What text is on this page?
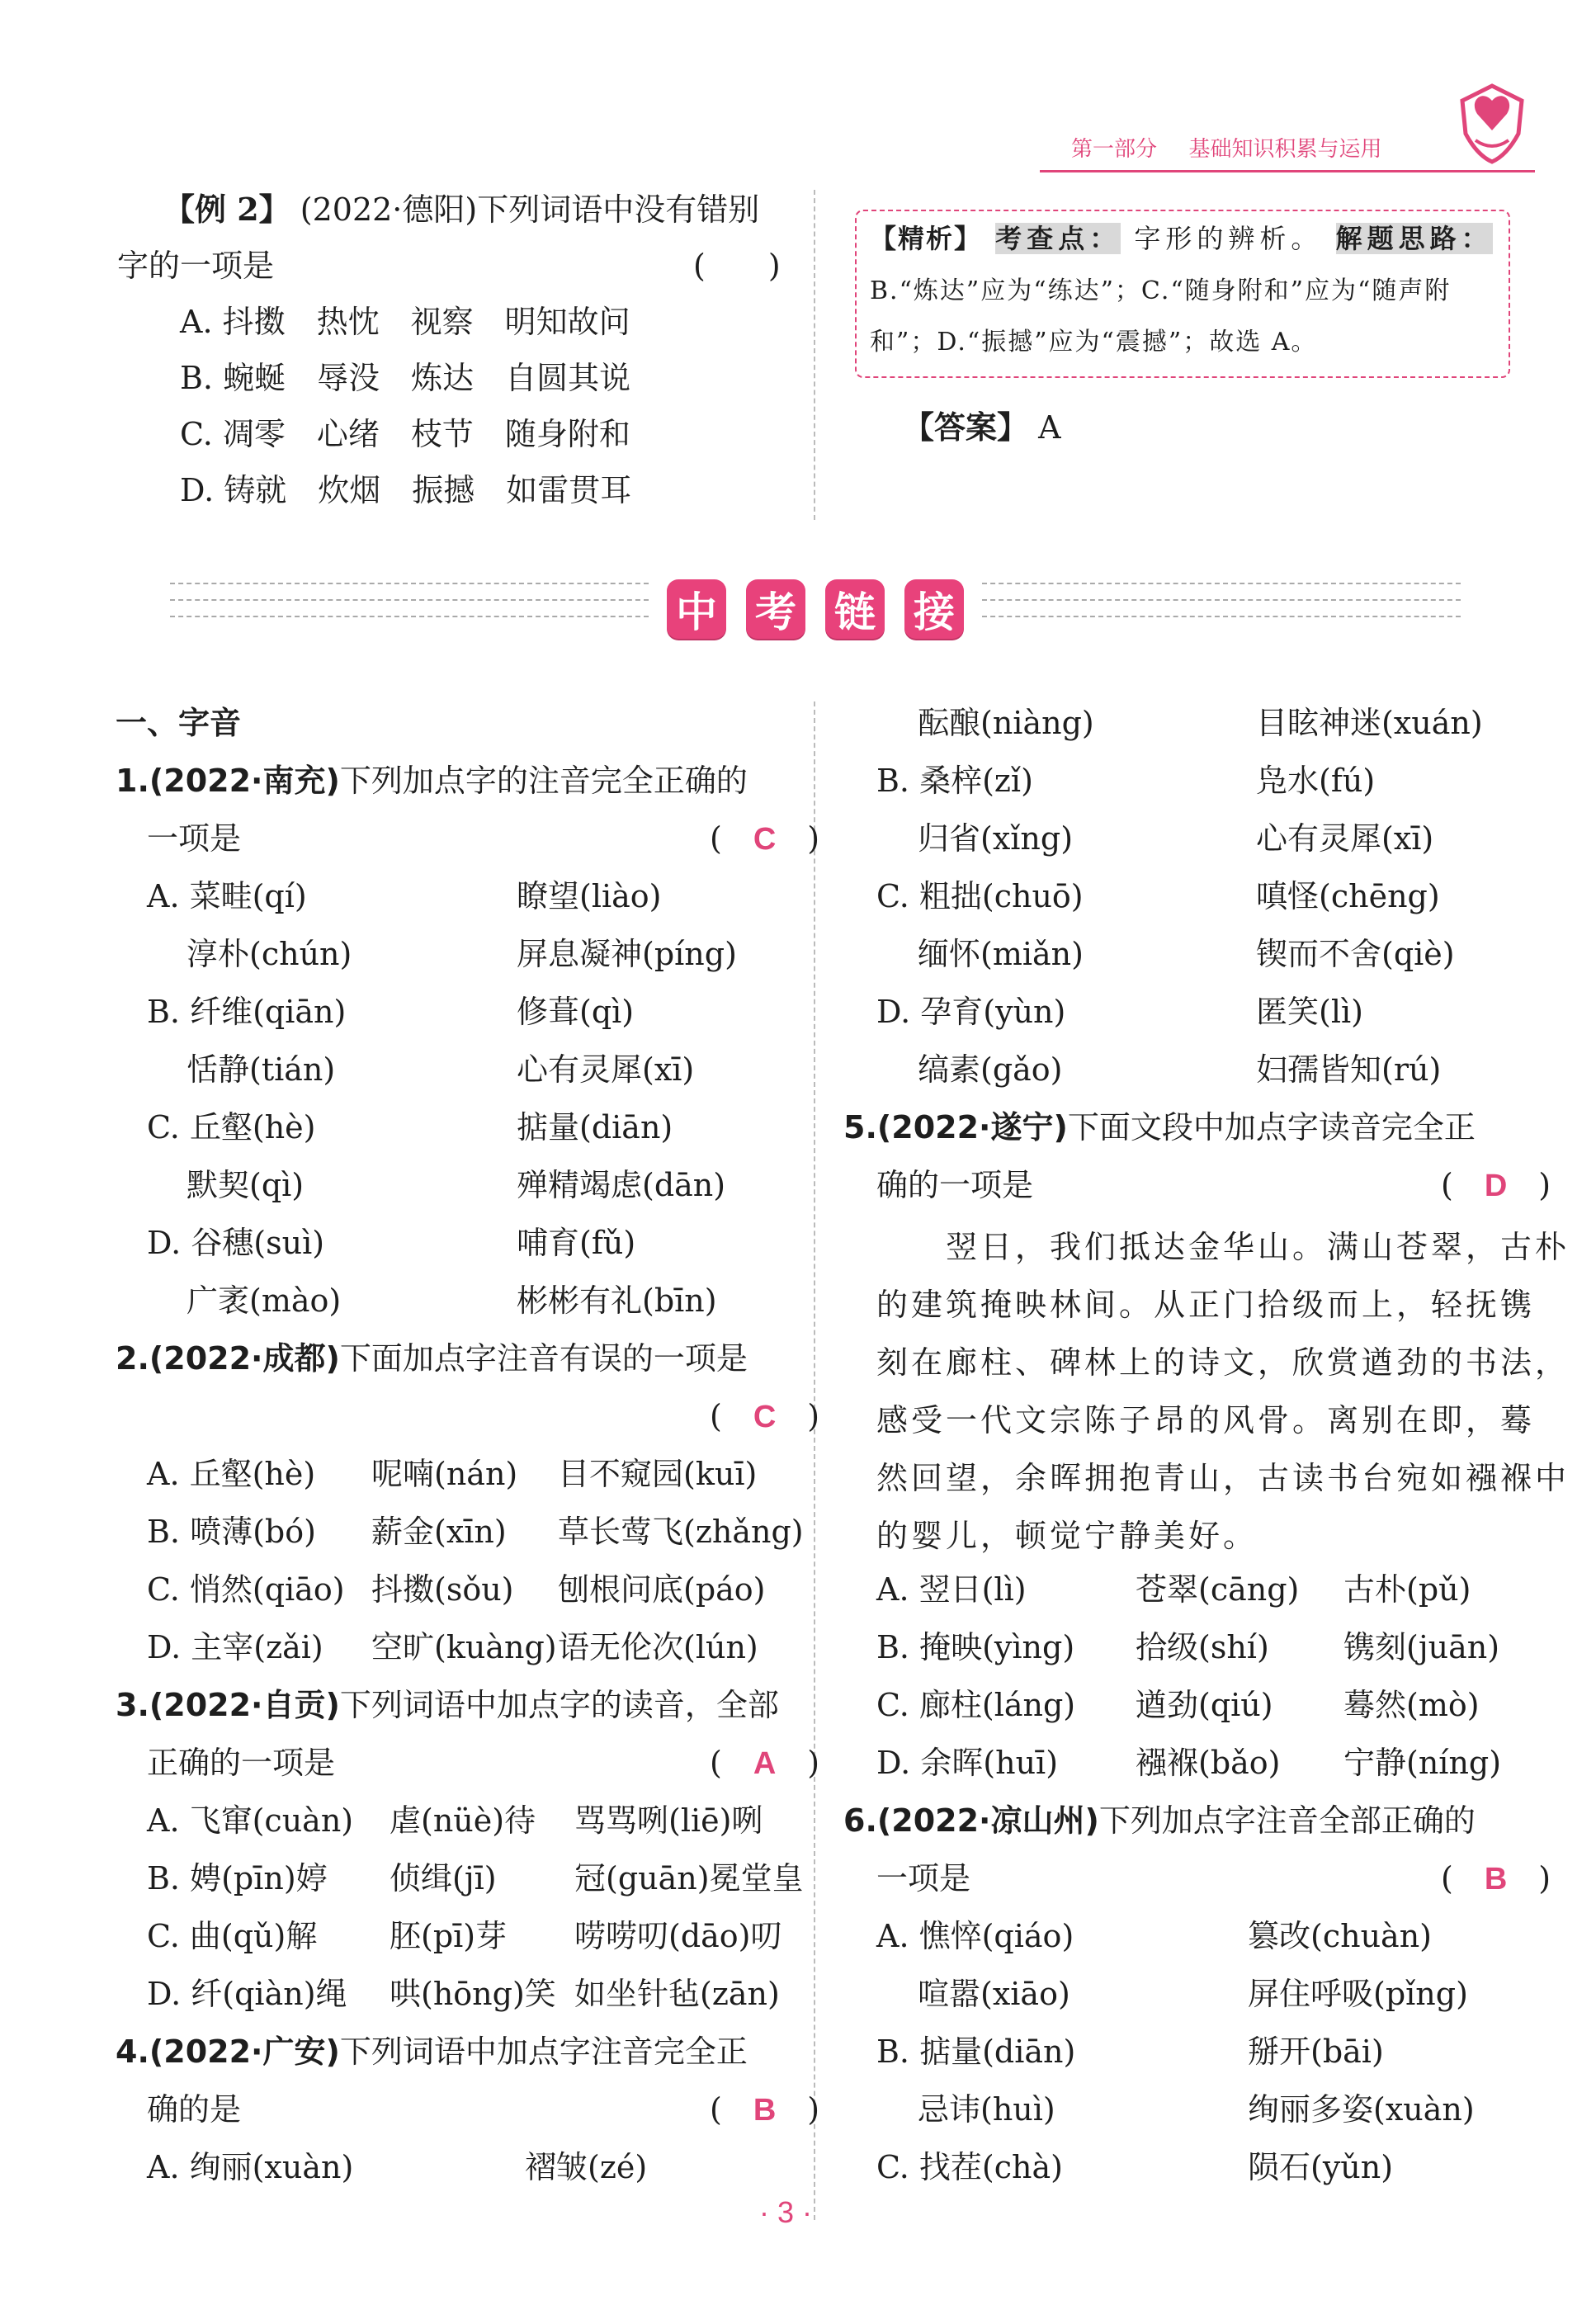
第一部分 基础知识积累与运用
【例 2】 (2022·德阳)下列词语中没有错别
字的一项是	(　　)
A. 抖擞　热忱　视察　明知故问
B. 蜿蜒　辱没　炼达　自圆其说
C. 凋零　心绪　枝节　随身附和
D. 铸就　炊烟　振撼　如雷贯耳
【精析】 考查点： 字形的辨析。 解题思路：
B.“炼达”应为“练达”；C.“随身附和”应为“随声附
和”；D.“振撼”应为“震撼”；故选 A。
【答案】 A
中 考 链 接
一、字音
1.(2022·南充)下列加点字的注音完全正确的
一项是	(　C　)
A. 菜畦(qí)	瞭望(liào)
淳朴(chún)	屏息凝神(píng)
B. 纤维(qiān)	修葺(qì)
恬静(tián)	心有灵犀(xī)
C. 丘壑(hè)	掂量(diān)
默契(qì)	殚精竭虑(dān)
D. 谷穗(suì)	哺育(fǔ)
广袤(mào)	彬彬有礼(bīn)
2.(2022·成都)下面加点字注音有误的一项是
(　C　)
A. 丘壑(hè) 呢喃(nán) 目不窥园(kuī)
B. 喷薄(bó) 薪金(xīn) 草长莺飞(zhǎng)
C. 悄然(qiāo) 抖擞(sǒu) 刨根问底(páo)
D. 主宰(zǎi) 空旷(kuàng) 语无伦次(lún)
3.(2022·自贡)下列词语中加点字的读音，全部
正确的一项是	(　A　)
A. 飞窜(cuàn) 虐(nüè)待 骂骂咧(liē)咧
B. 娉(pīn)婷 侦缉(jī) 冠(guān)冕堂皇
C. 曲(qǔ)解 胚(pī)芽 唠唠叨(dāo)叨
D. 纤(qiàn)绳 哄(hōng)笑 如坐针毡(zān)
4.(2022·广安)下列词语中加点字注音完全正
确的是	(　B　)
A. 绚丽(xuàn)	褶皱(zé)
酝酿(niàng)	目眩神迷(xuán)
B. 桑梓(zǐ)	凫水(fú)
归省(xǐng)	心有灵犀(xī)
C. 粗拙(chuō)	嗔怪(chēng)
缅怀(miǎn)	锲而不舍(qiè)
D. 孕育(yùn)	匿笑(lì)
缟素(gǎo)	妇孺皆知(rú)
5.(2022·遂宁)下面文段中加点字读音完全正
确的一项是	(　D　)
翌日，我们抵达金华山。满山苍翠，古朴
的建筑掩映林间。从正门拾级而上，轻抚镌
刻在廊柱、碑林上的诗文，欣赏遒劲的书法，
感受一代文宗陈子昂的风骨。离别在即，蓦
然回望，余晖拥抱青山，古读书台宛如襁褓中
的婴儿，顿觉宁静美好。
A. 翌日(lì)	苍翠(cāng) 古朴(pǔ)
B. 掩映(yìng) 拾级(shí) 镌刻(juān)
C. 廊柱(láng) 遒劲(qiú) 蓦然(mò)
D. 余晖(huī) 襁褓(bǎo) 宁静(níng)
6.(2022·凉山州)下列加点字注音全部正确的
一项是	(　B　)
A. 憔悴(qiáo)	篡改(chuàn)
喧嚣(xiāo)	屏住呼吸(pǐng)
B. 掂量(diān)	掰开(bāi)
忌讳(huì)	绚丽多姿(xuàn)
C. 找茬(chà)	陨石(yǔn)
· 3 ·
